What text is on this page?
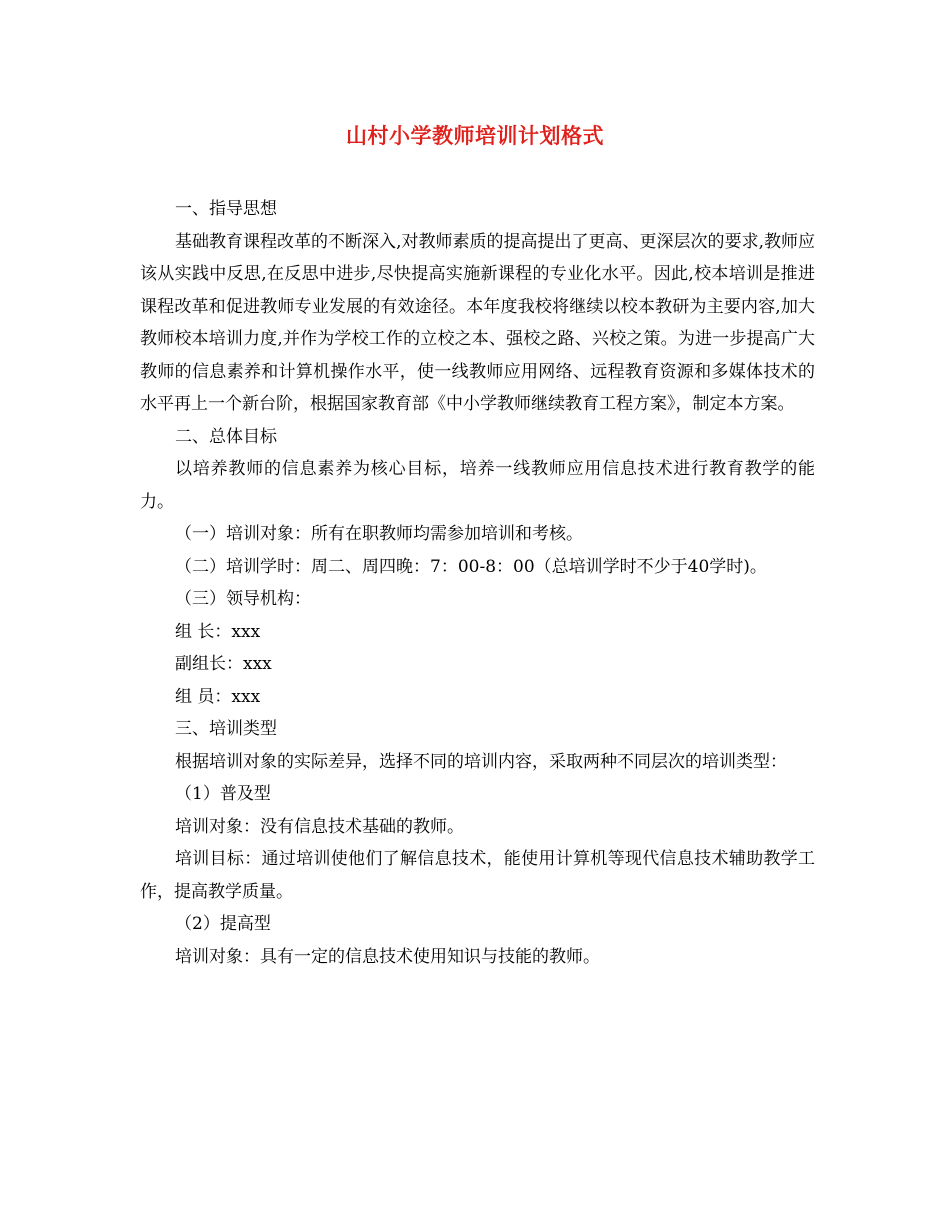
山村小学教师培训计划格式

一、指导思想

基础教育课程改革的不断深入,对教师素质的提高提出了更高、更深层次的要求,教师应该从实践中反思,在反思中进步,尽快提高实施新课程的专业化水平。因此,校本培训是推进课程改革和促进教师专业发展的有效途径。本年度我校将继续以校本教研为主要内容,加大教师校本培训力度,并作为学校工作的立校之本、强校之路、兴校之策。为进一步提高广大教师的信息素养和计算机操作水平，使一线教师应用网络、远程教育资源和多媒体技术的水平再上一个新台阶，根据国家教育部《中小学教师继续教育工程方案》，制定本方案。

二、总体目标

以培养教师的信息素养为核心目标，培养一线教师应用信息技术进行教育教学的能力。

（一）培训对象：所有在职教师均需参加培训和考核。

（二）培训学时：周二、周四晚：7：00-8：00（总培训学时不少于40学时)。

（三）领导机构：

组 长：xxx

副组长：xxx

组 员：xxx

三、培训类型

根据培训对象的实际差异，选择不同的培训内容，采取两种不同层次的培训类型：

（1）普及型

培训对象：没有信息技术基础的教师。

培训目标：通过培训使他们了解信息技术，能使用计算机等现代信息技术辅助教学工作，提高教学质量。

（2）提高型

培训对象：具有一定的信息技术使用知识与技能的教师。
